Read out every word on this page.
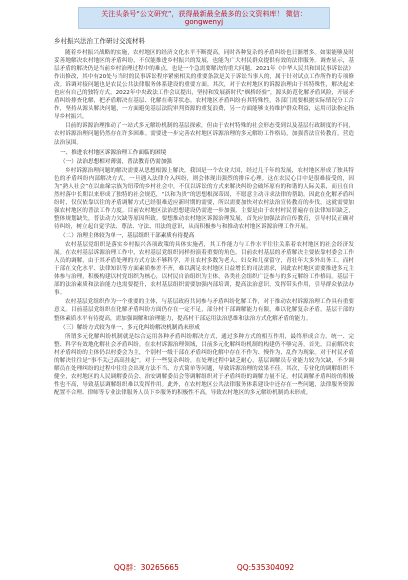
关注头条号“公文研究”，获得最新最全最多的公文资料库！ 微信：gongwenyj
乡村振兴法治工作研讨交流材料

随着乡村振兴战略的实施，农村地区的经济文化水平不断提高，同时各种复杂的矛盾纠纷也日渐增多。如果能够及时妥善地解决农村地区的矛盾纠纷，不仅能推进乡村振兴的发展，也能为广大村民群众提供有效的法律服务。调查显示，基层矛盾的解决仍是当前乡村治理过程中的难点，也是一个急需要解决的重大问题。2021年《中华人民共和国民事诉讼法》作出修改，其中有20处与当时的民事诉讼程序紧密相关的重要条款是关于诉讼当事人的，属于针对试点工作所作的专项修改。诉调对接问题也是农民公共法律服务体系建设的重要方面。其次，对于农村地区的诉源治理由于其特殊性，解决起来也应有自己的独特方式。2022年中央政法工作会议提出，坚持和发展新时代“枫桥经验”，源头防范化解矛盾风险，开展矛盾纠纷排查化解，把矛盾解决在基层、化解在萌芽状态。农村地区矛盾纠纷有其特殊性，各部门需要根据实际情况分工合作，坚持从源头解决问题，一方面避免基层法院审判资源的重复浪费，另一方面能够支持维护群众利益，运用司法指定指导乡村振兴。

目前的诉源治理推动了一站式多元解纷机制的基层探索，但由于农村特殊的社会形态受到以及基层行政制度的不同，农村诉源治理问题仍然存在许多困难。需要进一步完善农村地区诉源治理的多元解纷工作格局，加强普法宣传教育，营造法治氛围。

一、推进农村地区诉源治理工作面临的困境

（一）法治思想相对薄弱，普法教育仍需加强

乡村诉源治理问题的解决需要从思想根源上解决，我国是一个农业大国，经过几千年的发展，农村地区形成了独具特色的矛盾纠纷内部解决方式，一旦遇入法律介入纠纷，则会体现出强烈的排斥心理。这在农民心目中是很难接受的，因为“熟人社会”在以血缘宗族为纽带的乡村社会中，不仅以诉讼的方式来解决纠纷会破坏原有的和谐的人际关系，而且在自然村落中长期以来形成了独特的社会规范，“以和为贵”的思想根深蒂固，不愿意主动寻求法律的帮助。因此在化解矛盾纠纷时，仅仅依靠以往的矛盾调解方式已经很难适应新时期的需要，所以需要加快对农村法治宣传教育的步伐，这就需要加强农村地区的普法工作力度。目前农村地区法治思想建设仍需进一步加强，主要是由于农村村民普遍存在法律知识缺乏，整体规划缺失，普法动力欠缺等原因所致。要想推动农村地区诉源治理发展，首先应加强法治宣传教育，引导村民正确对待纠纷，树立起自觉学法、尊法、守法、用法的意识，从而积极参与和推动农村地区诉源治理工作开展。

（二）治理主体较为单一，基层组织干部素质有待提高

农村基层党组织是落实乡村振兴各项政策的具体实施者，其工作能力与工作水平往往关系着农村地区的社会经济发展。在农村基层诉源治理工作中，农村基层党组织同样扮演着重要的角色。目前农村基层的矛盾解决主要依靠村委会工作人员的调解，由于其矛盾处理的方式方法不够科学，并且农村多数为老人、妇女和儿童留守，青壮年大多外出务工，而村干部在文化水平、法律知识等方面素质参差不齐，难以满足农村地区日益增长的司法需求，因此农村地区需要推进多元主体参与治理，积极构建以村党组织为核心，以村民自治组织为主体，各类社会组织广泛参与的多元解纷工作格局。基层干部的法治素质和法治能力也需要提升，农村基层组织需要加强内部培训，提高法治意识，发挥带头作用，引导群众依法办事。

农村基层党组织作为一个重要的主体，与基层政府共同参与矛盾纠纷化解工作，对于推动农村诉源治理工作具有重要意义。目前基层党组织在化解矛盾纠纷方面仍存在一定不足，部分村干部调解能力有限，难以化解复杂矛盾，基层干部的整体素质水平有待提高，需加强调解和治理能力，提高村干部运用法治思维和法治方式化解矛盾的能力。

（三）解纷方式较为单一，多元化纠纷解决机制尚未形成

所谓多元化解纠纷机制就是综合运用各种矛盾纠纷解决方式，通过多种方式的相互作用，最终形成合力。统一、完整、科学有效地化解社会矛盾纠纷。在农村诉源治理领域，目前多元化解纠纷机制的构建仍不够完善，首先，目前解决农村矛盾纠纷的主体仍以村委会为主，个别村一级干部在矛盾纠纷化解中存在不作为、慢作为、乱作为现象。对于村民矛盾的解决往往是“事不关己高高挂起”。对于一些复杂纠纷，在处理过程中缺乏耐心，基层调解员专业能力较为欠缺，不少调解员在处理纠纷的过程中往往会出现方法不当、方式简单等问题，导致诉源治理的效果不佳。其次，专业化的调解组织不健全，农村地区的人民调解委员会、治安调解委员会等调解组织对于矛盾纠纷的调解力量不足，村民调解矛盾纠纷的积极性也不高，导致基层调解组织难以发挥作用。此外，在农村地区公共法律服务体系建设中还存在一些问题，法律服务资源配置不合理、律师等专业法律服务人员下乡服务的积极性不高，导致农村地区的多元解纷机制尚未形成。

QQ群：30265665	QQ:535304092
